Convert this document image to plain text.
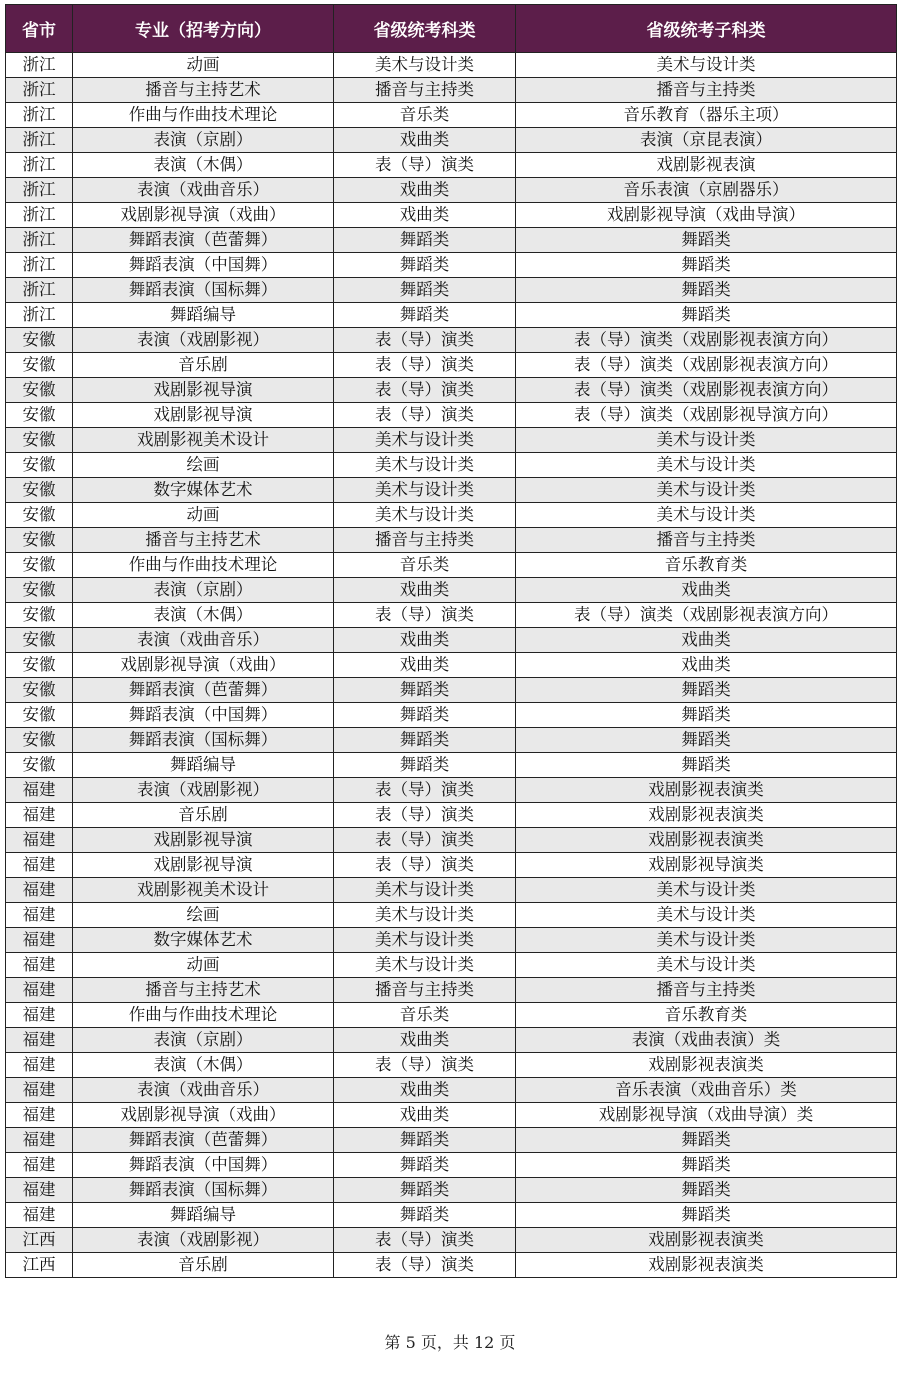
省市	专业（招考方向）	省级统考科类	省级统考子科类
浙江	动画	美术与设计类	美术与设计类
浙江	播音与主持艺术	播音与主持类	播音与主持类
浙江	作曲与作曲技术理论	音乐类	音乐教育（器乐主项）
浙江	表演（京剧）	戏曲类	表演（京昆表演）
浙江	表演（木偶）	表（导）演类	戏剧影视表演
浙江	表演（戏曲音乐）	戏曲类	音乐表演（京剧器乐）
浙江	戏剧影视导演（戏曲）	戏曲类	戏剧影视导演（戏曲导演）
浙江	舞蹈表演（芭蕾舞）	舞蹈类	舞蹈类
浙江	舞蹈表演（中国舞）	舞蹈类	舞蹈类
浙江	舞蹈表演（国标舞）	舞蹈类	舞蹈类
浙江	舞蹈编导	舞蹈类	舞蹈类
安徽	表演（戏剧影视）	表（导）演类	表（导）演类（戏剧影视表演方向）
安徽	音乐剧	表（导）演类	表（导）演类（戏剧影视表演方向）
安徽	戏剧影视导演	表（导）演类	表（导）演类（戏剧影视表演方向）
安徽	戏剧影视导演	表（导）演类	表（导）演类（戏剧影视导演方向）
安徽	戏剧影视美术设计	美术与设计类	美术与设计类
安徽	绘画	美术与设计类	美术与设计类
安徽	数字媒体艺术	美术与设计类	美术与设计类
安徽	动画	美术与设计类	美术与设计类
安徽	播音与主持艺术	播音与主持类	播音与主持类
安徽	作曲与作曲技术理论	音乐类	音乐教育类
安徽	表演（京剧）	戏曲类	戏曲类
安徽	表演（木偶）	表（导）演类	表（导）演类（戏剧影视表演方向）
安徽	表演（戏曲音乐）	戏曲类	戏曲类
安徽	戏剧影视导演（戏曲）	戏曲类	戏曲类
安徽	舞蹈表演（芭蕾舞）	舞蹈类	舞蹈类
安徽	舞蹈表演（中国舞）	舞蹈类	舞蹈类
安徽	舞蹈表演（国标舞）	舞蹈类	舞蹈类
安徽	舞蹈编导	舞蹈类	舞蹈类
福建	表演（戏剧影视）	表（导）演类	戏剧影视表演类
福建	音乐剧	表（导）演类	戏剧影视表演类
福建	戏剧影视导演	表（导）演类	戏剧影视表演类
福建	戏剧影视导演	表（导）演类	戏剧影视导演类
福建	戏剧影视美术设计	美术与设计类	美术与设计类
福建	绘画	美术与设计类	美术与设计类
福建	数字媒体艺术	美术与设计类	美术与设计类
福建	动画	美术与设计类	美术与设计类
福建	播音与主持艺术	播音与主持类	播音与主持类
福建	作曲与作曲技术理论	音乐类	音乐教育类
福建	表演（京剧）	戏曲类	表演（戏曲表演）类
福建	表演（木偶）	表（导）演类	戏剧影视表演类
福建	表演（戏曲音乐）	戏曲类	音乐表演（戏曲音乐）类
福建	戏剧影视导演（戏曲）	戏曲类	戏剧影视导演（戏曲导演）类
福建	舞蹈表演（芭蕾舞）	舞蹈类	舞蹈类
福建	舞蹈表演（中国舞）	舞蹈类	舞蹈类
福建	舞蹈表演（国标舞）	舞蹈类	舞蹈类
福建	舞蹈编导	舞蹈类	舞蹈类
江西	表演（戏剧影视）	表（导）演类	戏剧影视表演类
江西	音乐剧	表（导）演类	戏剧影视表演类
第 5 页，共 12 页
